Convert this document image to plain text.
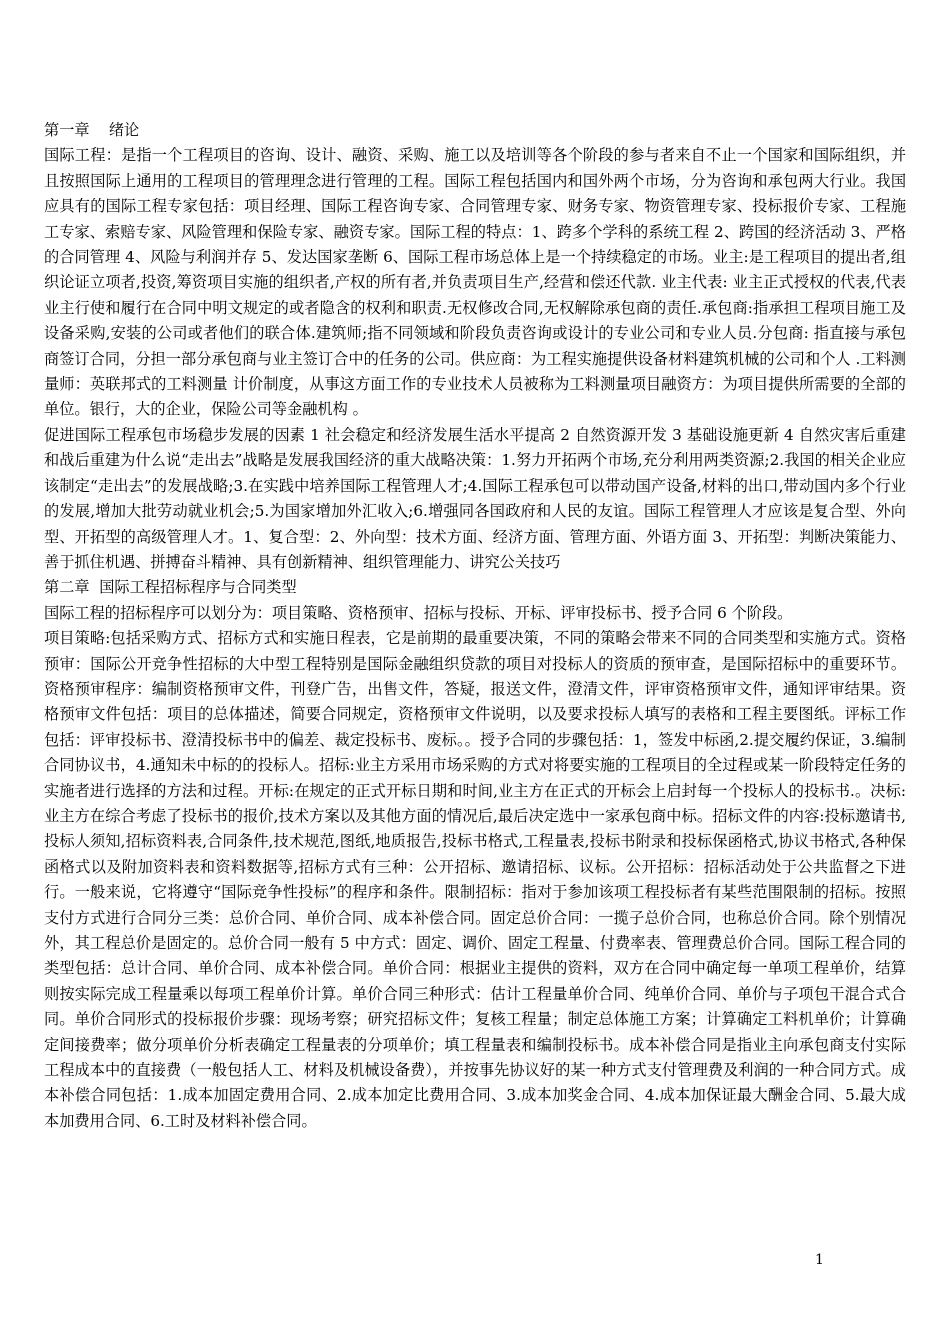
第一章    绪论

国际工程：是指一个工程项目的咨询、设计、融资、采购、施工以及培训等各个阶段的参与者来自不止一个国家和国际组织，并且按照国际上通用的工程项目的管理理念进行管理的工程。国际工程包括国内和国外两个市场，分为咨询和承包两大行业。我国应具有的国际工程专家包括：项目经理、国际工程咨询专家、合同管理专家、财务专家、物资管理专家、投标报价专家、工程施工专家、索赔专家、风险管理和保险专家、融资专家。国际工程的特点：1、跨多个学科的系统工程 2、跨国的经济活动 3、严格的合同管理 4、风险与利润并存 5、发达国家垄断 6、国际工程市场总体上是一个持续稳定的市场。业主:是工程项目的提出者,组织论证立项者,投资,筹资项目实施的组织者,产权的所有者,并负责项目生产,经营和偿还代款. 业主代表: 业主正式授权的代表,代表业主行使和履行在合同中明文规定的或者隐含的权利和职责.无权修改合同,无权解除承包商的责任.承包商:指承担工程项目施工及设备采购,安装的公司或者他们的联合体.建筑师;指不同领域和阶段负责咨询或设计的专业公司和专业人员.分包商: 指直接与承包商签订合同，分担一部分承包商与业主签订合中的任务的公司。供应商：为工程实施提供设备材料建筑机械的公司和个人 .工料测量师：英联邦式的工料测量 计价制度，从事这方面工作的专业技术人员被称为工料测量项目融资方：为项目提供所需要的全部的单位。银行，大的企业，保险公司等金融机构 。

促进国际工程承包市场稳步发展的因素 1 社会稳定和经济发展生活水平提高 2 自然资源开发 3 基础设施更新 4 自然灾害后重建和战后重建为什么说“走出去”战略是发展我国经济的重大战略决策：1.努力开拓两个市场,充分利用两类资源;2.我国的相关企业应该制定“走出去”的发展战略;3.在实践中培养国际工程管理人才;4.国际工程承包可以带动国产设备,材料的出口,带动国内多个行业的发展,增加大批劳动就业机会;5.为国家增加外汇收入;6.增强同各国政府和人民的友谊。国际工程管理人才应该是复合型、外向型、开拓型的高级管理人才。1、复合型：2、外向型：技术方面、经济方面、管理方面、外语方面 3、开拓型：判断决策能力、善于抓住机遇、拼搏奋斗精神、具有创新精神、组织管理能力、讲究公关技巧

第二章  国际工程招标程序与合同类型

国际工程的招标程序可以划分为：项目策略、资格预审、招标与投标、开标、评审投标书、授予合同 6 个阶段。

项目策略:包括采购方式、招标方式和实施日程表，它是前期的最重要决策，不同的策略会带来不同的合同类型和实施方式。资格预审：国际公开竞争性招标的大中型工程特别是国际金融组织贷款的项目对投标人的资质的预审查，是国际招标中的重要环节。 资格预审程序：编制资格预审文件，刊登广告，出售文件，答疑，报送文件，澄清文件，评审资格预审文件，通知评审结果。资格预审文件包括：项目的总体描述，简要合同规定，资格预审文件说明，以及要求投标人填写的表格和工程主要图纸。评标工作包括：评审投标书、澄清投标书中的偏差、裁定投标书、废标。。授予合同的步骤包括：1，签发中标函,2.提交履约保证，3.编制合同协议书，4.通知未中标的的投标人。招标:业主方采用市场采购的方式对将要实施的工程项目的全过程或某一阶段特定任务的实施者进行选择的方法和过程。开标:在规定的正式开标日期和时间,业主方在正式的开标会上启封每一个投标人的投标书.。决标:业主方在综合考虑了投标书的报价,技术方案以及其他方面的情况后,最后决定选中一家承包商中标。招标文件的内容:投标邀请书,投标人须知,招标资料表,合同条件,技术规范,图纸,地质报告,投标书格式,工程量表,投标书附录和投标保函格式,协议书格式,各种保函格式以及附加资料表和资料数据等,招标方式有三种：公开招标、邀请招标、议标。公开招标：招标活动处于公共监督之下进行。一般来说，它将遵守“国际竞争性投标”的程序和条件。限制招标：指对于参加该项工程投标者有某些范围限制的招标。按照支付方式进行合同分三类：总价合同、单价合同、成本补偿合同。固定总价合同：一揽子总价合同，也称总价合同。除个别情况外，其工程总价是固定的。总价合同一般有 5 中方式：固定、调价、固定工程量、付费率表、管理费总价合同。国际工程合同的类型包括：总计合同、单价合同、成本补偿合同。单价合同：根据业主提供的资料，双方在合同中确定每一单项工程单价，结算则按实际完成工程量乘以每项工程单价计算。单价合同三种形式：估计工程量单价合同、纯单价合同、单价与子项包干混合式合同。单价合同形式的投标报价步骤：现场考察；研究招标文件；复核工程量；制定总体施工方案；计算确定工料机单价；计算确定间接费率；做分项单价分析表确定工程量表的分项单价；填工程量表和编制投标书。成本补偿合同是指业主向承包商支付实际工程成本中的直接费（一般包括人工、材料及机械设备费），并按事先协议好的某一种方式支付管理费及利润的一种合同方式。成本补偿合同包括：1.成本加固定费用合同、2.成本加定比费用合同、3.成本加奖金合同、4.成本加保证最大酬金合同、5.最大成本加费用合同、6.工时及材料补偿合同。

1
